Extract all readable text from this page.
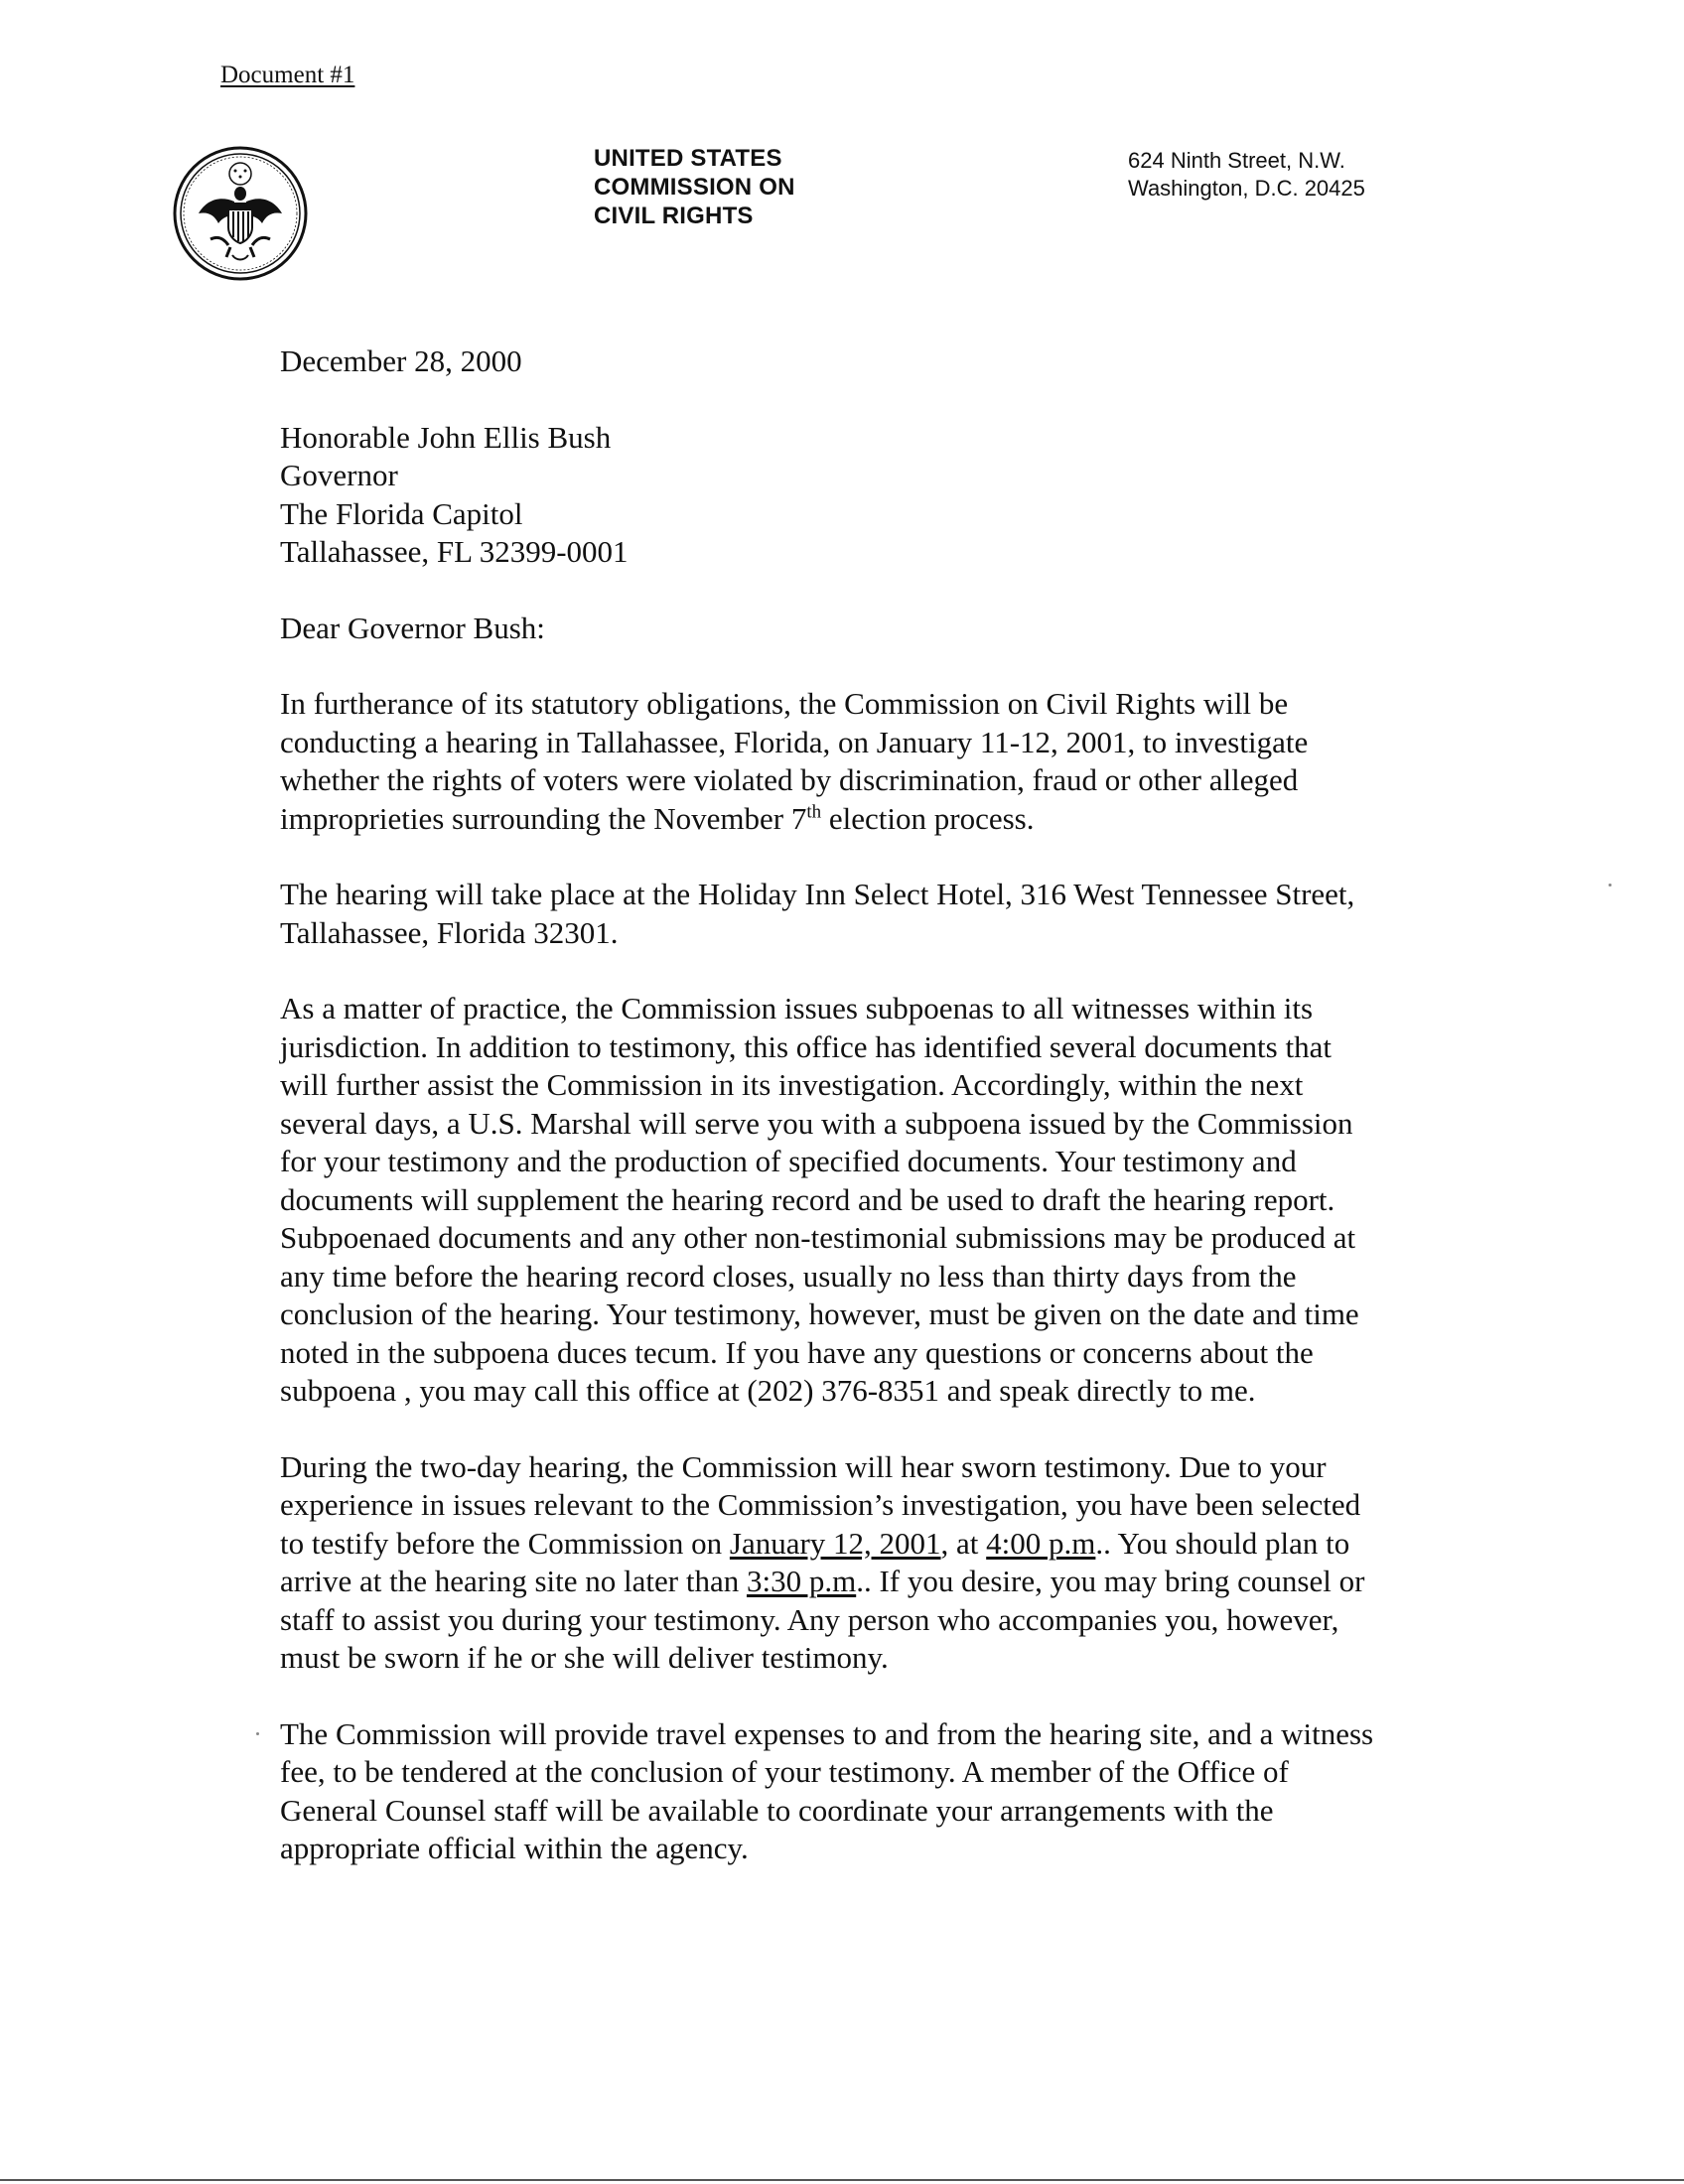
Document #1
UNITED STATES
COMMISSION ON
CIVIL RIGHTS
624 Ninth Street, N.W.
Washington, D.C. 20425

December 28, 2000

Honorable John Ellis Bush
Governor
The Florida Capitol
Tallahassee, FL 32399-0001

Dear Governor Bush:

In furtherance of its statutory obligations, the Commission on Civil Rights will be
conducting a hearing in Tallahassee, Florida, on January 11-12, 2001, to investigate
whether the rights of voters were violated by discrimination, fraud or other alleged
improprieties surrounding the November 7th election process.

The hearing will take place at the Holiday Inn Select Hotel, 316 West Tennessee Street,
Tallahassee, Florida 32301.

As a matter of practice, the Commission issues subpoenas to all witnesses within its
jurisdiction. In addition to testimony, this office has identified several documents that
will further assist the Commission in its investigation. Accordingly, within the next
several days, a U.S. Marshal will serve you with a subpoena issued by the Commission
for your testimony and the production of specified documents. Your testimony and
documents will supplement the hearing record and be used to draft the hearing report.
Subpoenaed documents and any other non-testimonial submissions may be produced at
any time before the hearing record closes, usually no less than thirty days from the
conclusion of the hearing. Your testimony, however, must be given on the date and time
noted in the subpoena duces tecum. If you have any questions or concerns about the
subpoena , you may call this office at (202) 376-8351 and speak directly to me.

During the two-day hearing, the Commission will hear sworn testimony. Due to your
experience in issues relevant to the Commission’s investigation, you have been selected
to testify before the Commission on January 12, 2001, at 4:00 p.m.. You should plan to
arrive at the hearing site no later than 3:30 p.m.. If you desire, you may bring counsel or
staff to assist you during your testimony. Any person who accompanies you, however,
must be sworn if he or she will deliver testimony.

The Commission will provide travel expenses to and from the hearing site, and a witness
fee, to be tendered at the conclusion of your testimony. A member of the Office of
General Counsel staff will be available to coordinate your arrangements with the
appropriate official within the agency.
